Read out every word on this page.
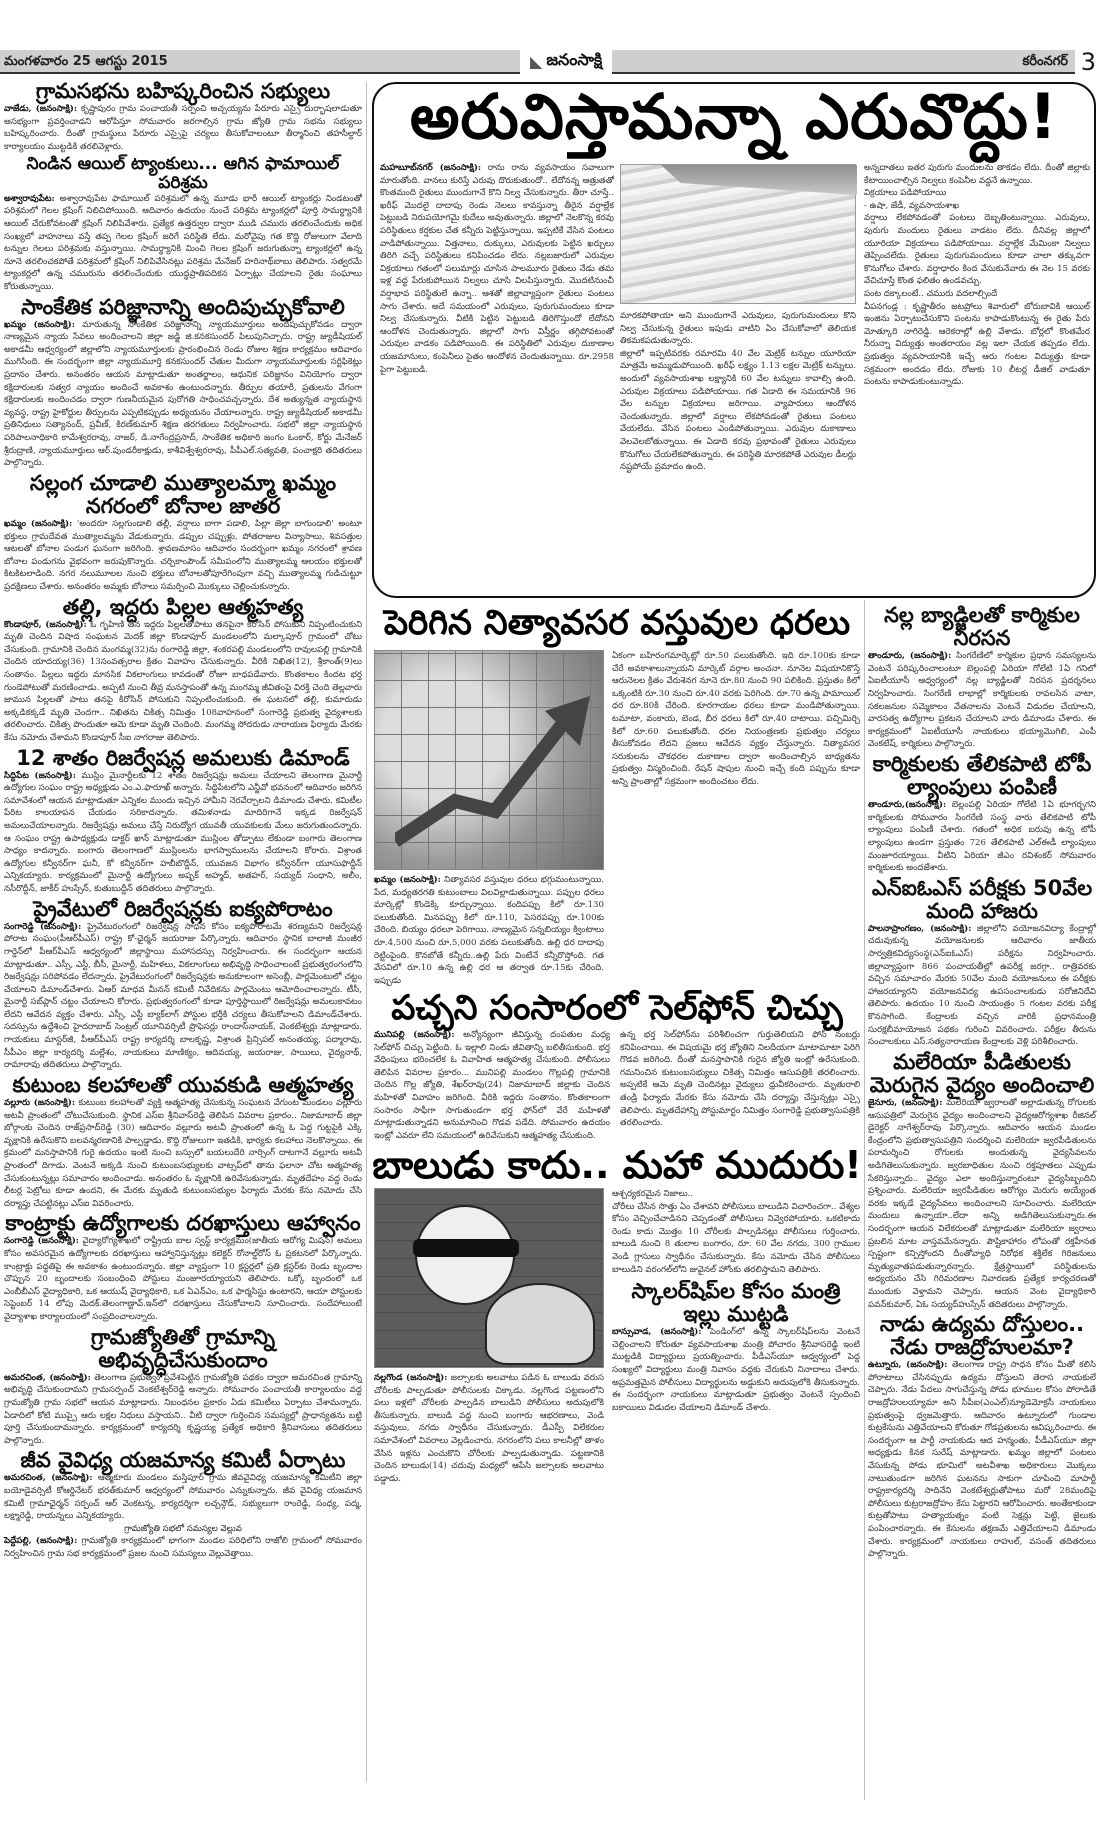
మంగళవారం 25 ఆగస్టు 2015	◣ జనంసాక్షి	కరీంనగర్ 3
గ్రామసభను బహిష్కరించిన సభ్యులు

వాజేడు, (జనంసాక్షి): కృష్ణాపురం గ్రామ పంచాయతీ సర్పంచి అచ్చయ్యను పేరూరు ఎస్సై దుర్భాషలాడుతూ అసభ్యంగా ప్రవర్తించాడని ఆరోపిస్తూ సోమవారం జరగాల్సిన గ్రామ జ్యోతి గ్రామ సభను సభ్యులు బహిష్కరించారు. దీంతో గ్రామస్థులు పేరూరు ఎస్సైపై చర్యలు తీసుకోవాలంటూ తీర్మానించి తహసీల్దార్ కార్యాలయం ముట్టడికి తరలివెళ్లారు.

నిండిన ఆయిల్ ట్యాంకులు... ఆగిన ఫామాయిల్ పరిశ్రమ

అశ్వారావుపేట: అశ్వారావుపేట ఫామాయిల్ పరిశ్రమలో ఉన్న మూడు భారీ ఆయిల్ ట్యాంకర్లు నిండటంతో పరిశ్రమలో గెలల క్రషింగ్ నిలిచిపోయింది. ఆదివారం ఉదయం నుంచే పరిశ్రమ ట్యాంకర్లలో పూర్తి సామర్థ్యానికి ఆయిల్ చేరుకోవటంతో క్రషింగ్ నిలిపివేశారు. ప్రత్యేక ఉత్తర్వుల ద్వారా ముడి చమురు తరలించేందుకు అధిక సంఖ్యలో వాహనాలు వస్తే తప్ప గెలల క్రషింగ్ జరిగే పరిస్థితి లేదు. మరోవైపు గత కొద్ది రోజులుగా వేలాది టన్నుల గెలలు పరిశ్రమకు వస్తున్నాయి. సామర్థ్యానికి మించి గెలల క్రషింగ్ జరుగుతున్నా ట్యాంకర్లలో ఉన్న నూనె తరలించకపోతే పరిశ్రమలో క్రషింగ్ నిలిపివేసినట్లు పరిశ్రమ మేనేజర్ హరినాథ్‌బాబు తెలిపారు. సత్వరమే ట్యాంకర్లలో ఉన్న చమురును తరలించేందుకు యుద్ధప్రాతిపదికన ఏర్పాట్లు చేయాలని రైతు సంఘాలు కోరుతున్నాయి.

సాంకేతిక పరిజ్ఞానాన్ని అందిపుచ్చుకోవాలి

ఖమ్మం (జనంసాక్షి): మారుతున్న సాంకేతిక పరిజ్ఞానాన్ని న్యాయమూర్తులు అందిపుచ్చుకోవడం ద్వారా నాణ్యమైన న్యాయ సేవలు అందించాలని జిల్లా జడ్జి జి.కనకసుందర్ పిలుపునిచ్చారు. రాష్ట్ర జ్యుడీషియల్ అకాడమీ ఆధ్వర్యంలో జిల్లాలోని న్యాయమూర్తులకు ప్రారంభించిన రెండు రోజుల శిక్షణ కార్యక్రమం ఆదివారం ముగిసింది. ఈ సందర్భంగా జిల్లా న్యాయమూర్తి కనకసుందర్ చేతుల మీదుగా న్యాయమూర్తులకు సర్టిఫికెట్లు ప్రదానం చేశారు. అనంతరం ఆయన మాట్లాడుతూ అంతర్జాలం, ఆధునిక పరిజ్ఞానం వినియోగం ద్వారా కక్షిదారులకు సత్వర న్యాయం అందించే అవకాశం ఉంటుందన్నారు. తీర్పుల తయారీ, ప్రతులను వేగంగా కక్షిదారులకు అందించడం ద్వారా గుణనీయమైన పురోగతి సాధించవచ్చన్నారు. దేశ అత్యున్నత న్యాయస్థాన వ్యవస్థ, రాష్ట్ర హైకోర్టుల తీర్పులను ఎప్పటికప్పుడు అధ్యయనం చేయాలన్నారు. రాష్ట్ర జ్యుడీషియల్ అకాడమీ ప్రతినిధులు సత్యానంద్, ప్రవీణ్, కిరణ్‌కుమార్ శిక్షణ తరగతులు నిర్వహించారు. సభలో జిల్లా న్యాయస్థాన పరిపాలనాధికారి కామేశ్వరరావు, నాజర్, డి.నాగేంద్రప్రసాద్, సాంకేతిక అధికారి జంగం ఓంకార్, కోర్టు మేనేజర్ శ్రీరుద్రాణి, న్యాయమూర్తులు ఆర్.పుండరీకాక్షుడు, కాశీవిశ్వేశ్వరరావు, పీపీఎల్.సత్యవతి, పంచాక్షరి తదితరులు పాల్గొన్నారు.

సల్లంగ చూడాలి ముత్యాలమ్మా ఖమ్మం నగరంలో బోనాల జాతర

ఖమ్మం (జనంసాక్షి): 'అందరూ సల్లగుండాలి తల్లీ, వర్షాలు బాగా పడాలి, పిల్లా జెల్లా బాగుండాలి' అంటూ భక్తులు గ్రామదేవత ముత్యాలమ్మను వేడుకున్నారు. డప్పుల చప్పుళ్లు, పోతరాజుల విన్యాసాలు, శివసత్తుల ఆటలతో బోనాల పండుగ ఘనంగా జరిగింది. శ్రావణమాసం ఆదివారం సందర్భంగా ఖమ్మం నగరంలో శ్రావణ బోనాల పండుగను వైభవంగా జరుపుకొన్నారు. చర్చికాంపౌండ్ సమీపంలోని ముత్యాలమ్మ ఆలయం భక్తులతో కిటకిటలాడింది. నగర నలుమూలల నుంచి భక్తులు బోనాలతోపూరేగింపుగా వచ్చి ముత్యాలమ్మ గుడిచుట్టూ ప్రదక్షిణలు చేశారు. అనంతరం అమ్మకు బోనాలు సమర్పించి మొక్కులు చెల్లించుకున్నారు.

తల్లి, ఇద్దరు పిల్లల ఆత్మహత్య

కొండాపూర్, (జనంసాక్షి): ఓ గృహిణి తన ఇద్దరు పిల్లలతోపాటు తనపైనా కిరోసిన్ పోసుకుని నిప్పంటించుకుని మృతి చెందిన విషాద సంఘటన మెదక్ జిల్లా కొండాపూర్ మండలంలోని మల్కాపూర్ గ్రామంలో చోటు చేసుకుంది. గ్రామానికి చెందిన మంగమ్మ(32)ను రంగారెడ్డి జిల్లా, శంకరపల్లి మండలంలోని రావులపల్లి గ్రామానికి చెందిన యాదయ్య(36) 13సంవత్సరాల క్రితం వివాహం చేసుకున్నారు. వీరికి నిఖిత(12), శ్రీకాంత్(9)లు సంతానం. పిల్లలు ఇద్దరు మానసిక వికలాంగులు కావడంతో రోజూ బాధపడేవారు. కొంతకాలం కిందట భర్త గుండెపోటుతో మరణించాడు. అప్పటి నుంచి తీవ్ర మనస్తాపంతో ఉన్న మంగమ్మ జీవితంపై విరక్తి చెంది తెల్లవారు జామున పిల్లలతో పాటు తనపై కిరోసిన్ పోసుకుని నిప్పంటించుకుంది. ఈ ఘటనలో తల్లి, కుమారుడు అక్కడికక్కడే మృతి చెందగా.. నిఖితను చికిత్స నిమిత్తం 108వాహనంలో సంగారెడ్డి ప్రభుత్వ వైద్యశాలకు తరలించారు. చికిత్స పొందుతూ ఆమె కూడా మృతి చెందింది. మంగమ్మ సోదరుడు నారాయణ ఫిర్యాదు మేరకు కేసు నమోదు చేశామని కొండాపూర్ సీఐ నాగరాజు తెలిపారు.

12 శాతం రిజర్వేషన్ల అమలుకు డిమాండ్

సిద్దిపేట (జనంసాక్షి): ముస్లిం మైనార్టీలకు 12 శాతం రిజర్వేషన్లు అమలు చేయాలని తెలంగాణ మైనార్టీ ఉద్యోగుల సంఘం రాష్ట్ర అధ్యక్షుడు ఎం.ఎ.ఫారూఖ్ అన్నారు. సిద్దిపేటలోని ఎన్జీవో భవనంలో ఆదివారం జరిగిన సమావేశంలో ఆయన మాట్లాడుతూ ఎన్నికల ముందు ఇచ్చిన హామీని నెరవేర్చాలని డిమాండు చేశారు. కమిటీల పేరిట కాలయాపన చేయడం సరికాదన్నారు. తమిళనాడు మాదిరిగానే ఇక్కడ రిజర్వేషన్ అమలుచేయాలన్నారు. రిజర్వేషన్లు అమలు చేస్తే నిరుద్యోగ యువతీ యువకులకు మేలు జరుగుతుందన్నారు. ఆ సంఘం రాష్ట్ర ఉపాధ్యక్షుడు డాక్టర్ ఖాన్ మాట్లాడుతూ ముస్లింల తోడ్పాటు లేకుండా బంగారు తెలంగాణ సాధ్యం కాదన్నారు. బంగారు తెలంగాణలో ముస్లింలను భాగస్వాములను చేయాలని కోరారు. విశ్రాంత ఉద్యోగుల కన్వీనర్‌గా ఘనీ, కో కన్వీనర్‌గా హబీబొద్దీన్, యువజన విభాగం కన్వీనర్‌గా యూసుఫొద్దీన్ ఎన్నికయ్యారు. కార్యక్రమంలో మైనార్టీ ఉద్యోగులు అష్ఫక్ అహ్మద్, అతహర్, సయ్యద్ సంధాని, అలీం, నసీరొద్దీన్, జాకీర్ హుస్సేన్, కుతుబుద్దీన్ తదితరులు పాల్గొన్నారు.

ప్రైవేటులో రిజర్వేషన్లకు ఐక్యపోరాటం

సంగారెడ్డి (జనంసాక్షి): ప్రైవేటురంగంలో రిజర్వేషన్ల సాధన కోసం ఐక్యపోరాటమే శరణ్యమని రిజర్వేషన్ల పోరాట సంఘం(పీఆర్‌పీఎస్) రాష్ట్ర కో-ఛైర్మన్ జయరాజు పేర్కొన్నారు. ఆదివారం స్థానిక బాలాజీ మంజీర గార్డెన్‌లో పీఆర్‌పీఎస్ ఆధ్వర్యంలో జిల్లాస్థాయి మహాసదస్సు నిర్వహించారు. ఈ సందర్భంగా ఆయన మాట్లాడుతూ.. ఎస్సీ, ఎస్టీ, బీసీ, మైనార్టీ, మహిళలు, వికలాంగులు అభివృద్ధి సాధించాలంటే ప్రభుత్వరంగంలోని రిజర్వేషన్లు సరిపోవడం లేదన్నారు. ప్రైవేటురంగంలో రిజర్వేషన్లకు అనుకూలంగా అసెంబ్లీ, పార్లమెంటులో చట్టం చేయాలని డిమాండ్‌చేశారు. ఏఆర్ మాధవ మీనన్ కమిటీ నివేదికను పార్లమెంటు ఆమోదించాలన్నారు. టీసీ, మైనార్టీ సబ్‌ప్లాన్ చట్టం చేయాలని కోరారు. ప్రభుత్వరంగంలో కూడా పూర్తిస్థాయిలో రిజర్వేషన్లు అమలుకావటం లేదని ఆవేదన వ్యక్తం చేశారు. ఎస్సీ, ఎస్టీ బ్యాక్‌లాగ్ పోస్టుల భర్తీకి చర్యలు తీసుకోవాలని డిమాండ్‌చేశారు. సదస్సును ఉద్దేశించి హైదరాబాద్ సెంట్రల్ యూనివర్సిటీ ప్రొఫెసర్లు రాందాస్‌నాయక్, వెంకటేశ్వర్లు మాట్లాడారు. గాయకులు మాస్టర్‌జీ, పీఆర్‌పీఎస్ రాష్ట్ర కార్యదర్శి బాలకృష్ణ, విశ్రాంత ప్రిన్సిపల్ అనంతయ్య, పద్మారావు, సీపీఎం జిల్లా కార్యదర్శి మల్లేశం, నాయకులు మాణిక్యం, ఆదివయ్య, జయరాజు, సాయిలు, వైద్యనాథ్, రామారావు తదితరులు పాల్గొన్నారు.

కుటుంబ కలహాలతో యువకుడి ఆత్మహత్య

వల్లూరు (జనంసాక్షి): కుటుంబ కలహాలతో వ్యక్తి ఆత్మహత్య చేసుకున్న సంఘటన వేగుంట మండలం వల్లూరు అటవీ ప్రాంతంలో చోటుచేసుకుంది. స్థానిక ఎస్‌ఐ శ్రీనివాస్‌రెడ్డి తెలిపిన వివరాల ప్రకారం.. నిజామాబాద్ జిల్లా బోర్గాంకు చెందిన రాజ్‌ప్రసాద్‌రెడ్డి (30) ఆదివారం వల్లూరు అటవీ ప్రాంతంలో ఉన్న ఓ పెద్ద గుట్టపైకి ఎక్కి వృక్షానికి ఉరేసుకొని బలవన్మరణానికి పాల్పడ్డాడు. కొద్ది రోజులుగా ఇతడికి, భార్యకు కలహాలు నెలకొన్నాయి. ఈ క్రమంలో మనస్తాపానికి గురై ఉదయం ఇంటి నుంచి బస్సులో బయలుదేరి నార్సింగ్ దాటగానే వల్లూరు అటవీ ప్రాంతంలో దిగాడు. వెంటనే అక్కడి నుంచి కుటుంబసభ్యులకు వాట్సప్‌లో తాను ఫలానా చోట ఆత్మహత్య చేసుకుంటున్నట్లు సమాచారం అందించాడు. అనంతరం ఓ వృక్షానికి ఉరివేసుకున్నాడు. మృతదేహం వద్ద రెండు లీటర్ల పెట్రోలు కూడా ఉందని, ఈ మేరకు మృతుడి కుటుంబసభ్యుల ఫిర్యాదు మేరకు కేసు నమోదు చేసి దర్యాప్తు చేపట్టినట్లు ఎస్‌ఐ వివరించారు.

కాంట్రాక్టు ఉద్యోగాలకు దరఖాస్తులు ఆహ్వానం

సంగారెడ్డి (జనంసాక్షి): వైద్యారోగ్యశాఖలో రాష్ట్రీయ బాల స్వస్థ్ కార్యక్రమం(జాతీయ ఆరోగ్య మిషన్) అమలు కోసం అవసరమైన ఉద్యోగాలకు దరఖాస్తులు ఆహ్వానిస్తున్నట్లు కలెక్టర్ రోనాల్డ్‌రోస్ ఓ ప్రకటనలో పేర్కొన్నారు. కాంట్రాక్టు పద్ధతిపై ఈ అవకాశం ఉంటుందన్నారు. జిల్లా వ్యాప్తంగా 10 క్లస్టర్లలో ప్రతి క్లస్టర్‌కు రెండు బృందాల చొప్పున 20 బృందాలకు సంబంధించి పోస్టులు మంజూరయ్యాయని తెలిపారు. ఒక్కో బృందంలో ఒక ఎంబీబీఎస్ వైద్యాధికారి, ఒక ఆయుష్ వైద్యాధికారి, ఒక ఏఎన్‌ఎం, ఒక ఫార్మసిస్టు ఉంటారని, ఆయా పోస్టులకు సెప్టెంబర్ 14 లోపు మెదక్.తెలంగాణ్టావ్.ఇన్‌లో దరఖాస్తులు చేసుకోవాలని సూచించారు. సందేహాలుంటే వైద్యాశాఖ కార్యాలయంలో సంప్రదించాలన్నారు.

గ్రామజ్యోతితో గ్రామాన్ని అభివృద్ధిచేసుకుందాం

అమరచింత, (జనంసాక్షి): తెలంగాణ ప్రభుత్వం ప్రవేశపెట్టిన గ్రామజ్యోతి పథకం ద్వారా అమరచింత గ్రామాన్ని అభివృద్ధి చేసుకుందామని గ్రామసర్పంచ్ వెంకటేశ్వర్‌రెడ్డి అన్నారు. సోమవారం పంచాయతీ కార్యాలయం వద్ద గ్రామజ్యోతి గ్రామ సభలో ఆయన మాట్లాడారు. నిబంధనల ప్రకారం ఏడు కమిటీలు ఏర్పాటు చేశామన్నారు. ఏడాదిలో కోటి ముప్పై ఆరు లక్షల నిధులు వస్తాయని.. వీటి ద్వారా గుర్తించిన సమస్యల్లో ప్రాధాన్యతను బట్టి పూర్తి చేసుకుందామన్నారు. కార్యక్రమంలో కార్యదర్శి కృష్ణయ్య ప్రత్యేక అధికారి శ్రీనివాసులు తదితరులు పాల్గొన్నారు.

జీవ వైవిధ్య యజమాన్య కమిటీ ఏర్పాటు

అమరచింత, (జనంసాక్షి): ఆత్మకూరు మండలం మస్తిపూర్ గ్రామ జీవవైవిధ్య యజమాన్య కమిటీని జిల్లా బయోడైవర్సిటీ కోఆర్డినేటర్ భరత్‌కుమార్ ఆధ్వర్యంలో సోమవారం ఎన్నుకున్నారు. జీవ వైవిధ్య యజమాన కమిటీ గ్రామాఛైర్మన్ సర్పంచ్ ఆర్ వెంకటన్న, కార్యదర్శిగా లచ్చన్గౌడ్, సభ్యులుగా రాంరెడ్డి, సంధ్య, పద్మ, లక్ష్మారెడ్డి, రాయన్నలు ఎన్నికయ్యారు.

గ్రామజ్యోతి సభలో సమస్యల వెల్లువ

పెద్దేపల్లి, (జనంసాక్షి): గ్రామజ్యోతి కార్యక్రమంలో భాగంగా మండల పరిధిలోని రాజోలి గ్రామంలో సోమవారం నిర్వహించిన గ్రామ సభ కార్యక్రమంలో ప్రజల నుంచి సమస్యలు వెల్లువెత్తాయి.

అరువిస్తామన్నా ఎరువొద్దు!

మహబూబ్‌నగర్ (జనంసాక్షి): రాను రాను వ్యవసాయం సవాలుగా మారుతోంది. వానలు కురిస్తే ఎరువు దొరుకుతుందో.. లేదోనన్న ఆత్రుతతో కొంతమంది రైతులు ముందుగానే కొని నిల్వ చేసుకున్నారు. తీరా చూస్తే.. ఖరీఫ్ మొదలై దాదాపు రెండు నెలలు కావస్తున్నా తీరైన వర్షాల్లేక పెట్టుబడి నిరుపయోగమై కుదేలు అవుతున్నారు. జిల్లాలో నెలకొన్న కరవు పరిస్థితులు కర్షకుల చేత కన్నీరు పెట్టిస్తున్నాయి. ఇప్పటికే వేసిన పంటలు వాడిపోతున్నాయి. విత్తనాలు, దుక్కులు, ఎరువులకు పెట్టిన ఖర్చులు తిరిగి వచ్చే పరిస్థితులు కనిపించడం లేదు. నల్లబజారులో ఎరువుల విక్రయాలు గతంలో పలుమార్లు చూసిన పాలమూరు రైతులు నేడు తమ ఇళ్ల వద్ద పేరుకుపోయిన నిల్వలు చూసి విలపిస్తున్నారు. మొదటినుంచీ వర్షాభావ పరిస్థితులే ఉన్నా.. ఆశతో జిల్లావ్యాప్తంగా రైతులు పంటలు సాగు చేశారు. అదే సమయంలో ఎరువులు, పురుగుమందులు కూడా నిల్వ చేసుకున్నారు. వీటికి పెట్టిన పెట్టుబడి తిరిగొస్తుందో లేదోనని ఆందోళన చెందుతున్నారు. జిల్లాలో సాగు విస్తీర్ణం తగ్గిపోవటంతో ఎరువుల వాడకం పడిపోయింది. ఈ పరిస్థితిలో ఎరువుల దుకాణాల యజమానులు, కంపెనీలు సైతం ఆందోళన చెందుతున్నాయి. రూ.2958 పైగా పెట్టుబడి.

మారకపోతాయా అని ముందుగానే ఎరువులు, పురుగుమందులు కొని నిల్వ చేసుకున్న రైతులు ఇపుడు వాటిని ఏం చేసుకోవాలో తెలియక తికమకపడుతున్నారు.

జిల్లాలో ఇప్పటివరకు రమారమి 40 వేల మెట్రిక్ టన్నుల యూరియా మాత్రమే అమ్ముడుపోయింది. ఖరీఫ్ లక్ష్యం 1.13 లక్షల మెట్రిక్ టన్నులు. అందులో వ్యవసాయశాఖ లక్ష్యానికి 60 వేల టన్నులు కావాల్సి ఉంది. ఎరువుల విక్రయాలు పడిపోయాయి. గత ఏడాది ఈ సమయానికి 96 వేల టన్నుల విక్రయాలు జరిగాయి. వ్యాపారులు ఆందోళన చెందుతున్నారు. జిల్లాలో వర్షాలు లేకపోవడంతో రైతులు పంటలు వేయలేదు. వేసిన పంటలు ఎండిపోతున్నాయి. ఎరువుల దుకాణాలు వెలవెలబోతున్నాయి. ఈ ఏడాది కరవు ప్రభావంతో రైతులు ఎరువులు కొనుగోలు చేయలేకపోతున్నారు. ఈ పరిస్థితి మారకపోతే ఎరువుల డీలర్లు నష్టపోయే ప్రమాదం ఉంది.

అన్నదాతలు ఇతర పురుగు మందులను తాకడం లేదు. దీంతో జిల్లాకు కేటాయించాల్సిన నిల్వలు కంపెనీల వద్దనే ఉన్నాయి.

విక్రయాలు పడిపోయాయి

- ఉషా, జేడీ, వ్యవసాయశాఖ

వర్షాలు లేకపోవడంతో పంటలు దెబ్బతింటున్నాయి. ఎరువులు, పురుగు మందులు రైతులు వాడటం లేదు. దీనివల్ల జిల్లాలో యూరియా విక్రయాలు పడిపోయాయి. వర్షాల్లేక మేమింకా నిల్వలు తెప్పించలేదు. రైతులు పురుగుమందులు కూడా చాలా తక్కువగా కొనుగోలు చేశారు. వర్షాధారం కింద వేసుకునేవారు ఈ నెల 15 వరకు వేచిచూస్తే కొంత ఫలితం ఉండవచ్చు.

పంట దక్కాలంటే.. చమురు వదలాల్సిందే

వీపనగండ్ల : కృష్ణాతీరం జటప్రోలు శివారులో బోరుబావికి ఆయిల్ ఇంజిను ఏర్పాటుచేసుకొని పంటను కాపాడుకొంటున్న ఈ రైతు పేరు మోత్కూరి నాగిరెడ్డి. ఆరెకరాల్లో ఉల్లి వేశాడు. బోర్లలో కొంతమేర నీరున్నా విద్యుత్తు అంతరాయం వల్ల ఇలా చేయక తప్పడం లేదు. ప్రభుత్వం వ్యవసాయానికి ఇచ్చే ఆరు గంటల విద్యుత్తు కూడా సక్రమంగా అందడం లేదు. రోజుకు 10 లీటర్ల డీజిల్ వాడుతూ పంటను కాపాడుకుంటున్నాడు.

పెరిగిన నిత్యావసర వస్తువుల ధరలు

ఖమ్మం (జనంసాక్షి): నిత్యావసర వస్తువుల ధరలు భగ్గుమంటున్నాయి. పేద, మధ్యతరగతి కుటుంబాలు విలవిల్లాడుతున్నాయి. పప్పుల ధరలు మార్కెట్లో కొండెక్కి కూర్చున్నాయి. కందిపప్పు కిలో రూ.130 పలుకుతోంది. మినపప్పు కిలో రూ.110, పెసరపప్పు రూ.100కు చేరింది. బియ్యం ధరలూ పెరిగాయి. నాణ్యమైన సన్నబియ్యం క్వింటాలు రూ.4,500 నుంచి రూ.5,000 వరకు పలుకుతోంది. ఉల్లి ధర దాదాపు రెట్టింపైంది. కొనబోతే కన్నీరు..ఉల్లి పేరు వింటేనే కన్నీరొస్తోంది. గత వేసవిలో రూ.10 ఉన్న ఉల్లి ధర ఆ తర్వాత రూ.15కు చేరింది. ఇప్పుడు

ఏకంగా బహిరంగమార్కెట్లో రూ.50 పలుకుతోంది. ఇది రూ.100కు కూడా చేరే అవకాశాలున్నాయని మార్కెట్ వర్గాల అంచనా. నూనెల విషయానికొస్తే ఆరునెలల క్రితం వేరుశెనగ నూనె రూ.80 నుంచి 90 పలికింది. ప్రస్తుతం కిలో ఒక్కంటికి రూ.30 నుంచి రూ.40 వరకు పెరిగింది. రూ.70 ఉన్న పామాయిల్ ధర రూ.80కి చేరింది. కూరగాయల ధరలు కూడా మండిపోతున్నాయి. టమాటా, వంకాయ, బెండ, బీర ధరలు కిలో రూ.40 దాటాయి. పచ్చిమిర్చి కిలో రూ.60 పలుకుతోంది. ధరల నియంత్రణకు ప్రభుత్వం చర్యలు తీసుకోవడం లేదని ప్రజలు ఆవేదన వ్యక్తం చేస్తున్నారు. నిత్యావసర సరుకులను చౌకధరల దుకాణాల ద్వారా అందించాల్సిన బాధ్యతను ప్రభుత్వం విస్మరించింది. రేషన్ షాపుల నుంచి ఇచ్చే కంది పప్పును కూడా అన్ని ప్రాంతాల్లో సక్రమంగా అందించటం లేదు.

పచ్చని సంసారంలో సెల్‌ఫోన్ చిచ్చు

మునిపల్లి (జనంసాక్షి): అన్యోన్యంగా జీవిస్తున్న దంపతుల మధ్య సెల్‌ఫోన్ చిచ్చు పెట్టింది. ఓ ఇల్లాలి నిండు జీవితాన్ని బలితీసుకుంది. భర్త వేధింపులు భరించలేక ఓ వివాహిత ఆత్మహత్య చేసుకుంది. పోలీసులు తెలిపిన వివరాల ప్రకారం... మునిపల్లి మండలం గొల్లపల్లి గ్రామానికి చెందిన గొల్ల జ్యోతి, శేఖర్‌రావు(24) నిజామాబాద్ జిల్లాకు చెందిన మహిళతో వివాహం జరిగింది. వీరికి ఇద్దరు సంతానం. కొంతకాలంగా సంసారం సాఫీగా సాగుతుండగా భర్త ఫోన్‌లో వేరే మహిళతో మాట్లాడుతున్నాడని అనుమానించి గొడవ పడేది. సోమవారం ఉదయం ఇంట్లో ఎవరూ లేని సమయంలో ఉరివేసుకుని ఆత్మహత్య చేసుకుంది.

ఉన్న భర్త సెల్‌ఫోన్‌ను పరిశీలించగా గుర్తుతెలియని ఫోన్ నంబర్లు కనిపించాయి. ఈ విషయమై భర్త జ్యోతిని నిలదీయగా మాటామాటా పెరిగి గొడవ జరిగింది. దీంతో మనస్తాపానికి గురైన జ్యోతి ఇంట్లో ఉరేసుకుంది. గమనించిన కుటుంబసభ్యులు చికిత్స నిమిత్తం ఆసుపత్రికి తరలించారు. అప్పటికే ఆమె మృతి చెందినట్లు వైద్యులు ధ్రువీకరించారు. మృతురాలి తండ్రి ఫిర్యాదు మేరకు కేసు నమోదు చేసి దర్యాప్తు చేస్తున్నట్లు ఎస్సై తెలిపారు. మృతదేహాన్ని పోస్టుమార్టం నిమిత్తం సంగారెడ్డి ప్రభుత్వాసుపత్రికి తరలించారు.

బాలుడు కాదు.. మహా ముదురు!

నల్లగొండ (జనంసాక్షి): జల్సాలకు అలవాటు పడిన ఓ బాలుడు వరుస చోరీలకు పాల్పడుతూ పోలీసులకు చిక్కాడు. నల్లగొండ పట్టణంలోని పలు ఇళ్లలో చోరీలకు పాల్పడిన బాలుడిని పోలీసులు అదుపులోకి తీసుకున్నారు. బాలుడి వద్ద నుంచి బంగారు ఆభరణాలు, వెండి వస్తువులు, నగదు స్వాధీనం చేసుకున్నారు. డీఎస్పీ విలేకరుల సమావేశంలో వివరాలు వెల్లడించారు. నగరంలోని పలు కాలనీల్లో తాళం వేసిన ఇళ్లను ఎంచుకొని చోరీలకు పాల్పడుతున్నాడు. పట్టణానికి చెందిన బాలుడు(14) చదువు మధ్యలో ఆపేసి జల్సాలకు అలవాటు పడ్డాడు.

ఆశ్చర్యకరమైన నిజాలు..

చోరీలు చేసిన సొత్తు ఏం చేశావని పోలీసులు బాలుడిని విచారించగా.. వేశ్యల కోసం వెచ్చించేవాడినని చెప్పడంతో పోలీసులు నివ్వెరపోయారు. ఒకటికాదు రెండు కాదు మొత్తం 10 చోరీలకు పాల్పడినట్లు పోలీసులు గుర్తించారు. బాలుడి నుంచి 8 తులాల బంగారం, రూ. 60 వేల నగదు, 300 గ్రాముల వెండి గ్లాసులు స్వాధీనం చేసుకున్నారు. కేసు నమోదు చేసిన పోలీసులు బాలుడిని వరంగల్‌లోని జువైనల్ హోంకు తరలిస్తామని తెలిపారు.

స్కాలర్‌షిప్‌ల కోసం మంత్రి ఇల్లు ముట్టడి

బాన్సువాడ, (జనంసాక్షి): పెండింగ్‌లో ఉన్న స్కాలర్‌షిప్‌లను వెంటనే చెల్లించాలని కోరుతూ వ్యవసాయశాఖ మంత్రి పోచారం శ్రీనివాసరెడ్డి ఇంటి ముట్టడికి విద్యార్థులు ప్రయత్నించారు. పీడీఎస్‌యూ ఆధ్వర్యంలో పెద్ద సంఖ్యలో విద్యార్థులు మంత్రి నివాసం వద్దకు చేరుకుని నినాదాలు చేశారు. అప్రమత్తమైన పోలీసులు విద్యార్థులను అడ్డుకుని అదుపులోకి తీసుకున్నారు. ఈ సందర్భంగా నాయకులు మాట్లాడుతూ ప్రభుత్వం వెంటనే స్పందించి బకాయిలు విడుదల చేయాలని డిమాండ్ చేశారు.

నల్ల బ్యాడ్జిలతో కార్మికుల నిరసన

తాండూరు, (జనంసాక్షి): సింగరేణిలో కార్మికుల ప్రధాన సమస్యలను వెంటనే పరిష్కరించాలంటూ బెల్లంపల్లి ఏరియా గోలేటి 1ఏ గనిలో ఏఐటీయూసీ ఆధ్వర్యంలో నల్ల బ్యాడ్జిలతో నిరసన ప్రదర్శనలు నిర్వహించారు. సింగరేణి లాభాల్లో కార్మికులకు రావలసిన వాటా, సకలజనుల సమ్మెకాలం వేతనాలను వెంటనే విడుదల చేయాలని, వారసత్వ ఉద్యోగాల ప్రకటన చేయాలని వారు డిమాండు చేశారు. ఈ కార్యక్రమంలో ఏఐటీయూసీ నాయకులు భయ్యామొగిలి, ఎంపీ వెంకటేష్, కార్మికులు పాల్గొన్నారు.

కార్మికులకు తేలికపాటి టోపీ ల్యాంపులు పంపిణీ

తాండూరు,(జనంసాక్షి): బెల్లంపల్లి ఏరియా గోలేటి 1ఏ భూగర్భగని కార్మికులకు సోమవారం సింగరేణి సంస్థ వారు తేలికపాటి టోపీ ల్యాంపులు పంపిణీ చేశారు. గతంలో అధిక బరువు ఉన్న టోపీ ల్యాంపులు ఉండగా ప్రస్తుతం 726 తేలికపాటి ఎల్ఈడీ ల్యాంపులు మంజూరయ్యాయి. వీటిని ఏరియా జీఎం రవిశంకర్ సోమవారం కార్మికులకు అందజేశారు.

ఎన్ఐఓఎస్ పరీక్షకు 50వేల మంది హాజరు

పాలనాప్రాంగణం, (జనంసాక్షి): జిల్లాలోని వయోజనవిద్యా కేంద్రాల్లో చదువుకున్న వయోజనులకు ఆదివారం జాతీయ సార్వత్రికవిద్యసంస్థ(ఎన్ఐఓఎస్) పరీక్షను నిర్వహించారు. జిల్లావ్యాప్తంగా 866 పంచాయతీల్లో ఉపరీక్ష జరగ్గా.. రాత్రివరకు వచ్చిన సమాచారం మేరకు 50వేల మంది వయోజనులు ఈ పరీక్షకు హాజరయ్యారని వయోజనవిద్య ఉపసంచాలకుడు సరోజినిదేవి తెలిపారు. ఉదయం 10 నుంచి సాయంత్రం 5 గంటల వరకు పరీక్ష కొనసాగింది. కేంద్రాలకు వచ్చిన వారికి ప్రధానమంత్రి సురక్షబీమాయోజన పథకం గురించి వివరించారు. పరీక్షల తీరును సంచాలకులు ఎస్.సత్యనారాయణ కేంద్రాలకు వెళ్లి పరిశీలించారు.

మలేరియా పీడితులకు మెరుగైన వైద్యం అందించాలి

జైనూరు, (జనంసాక్షి): మలేరియా జ్వరాలతో అల్లాడుతున్న రోగులకు ఆసుపత్రిలో మెరుగైన వైద్యం అందించాలని వైద్యఆరోగ్యశాఖ రీజినల్ డైరెక్టర్ నాగేశ్వర్‌రావు పేర్కొన్నారు. ఆదివారం ఆయన మండల కేంద్రంలోని ప్రభుత్వాసుపత్రిని సందర్శించి మలేరియా జ్వరపీడితులను పరామర్శించి రోగులకు అందుతున్న వైద్యసేవలను అడిగితెలుసుకున్నారు. జ్వరబాధితుల నుంచి రక్తపూతలు ఎప్పుడు సేకరిస్తున్నారు.. వైద్యం ఎలా అందిస్తున్నారంటూ వైద్యసిబ్బందిని ప్రశ్నించారు. మలేరియా జ్వరపీడితుల ఆరోగ్యం మెరుగు అయ్యేంత వరకు ఇక్కడే వైద్యసేవలు అందించాలని సూచించారు. మలేరియా మందులు ఉన్నాయా..లేదా అన్ని అడిగితెలుసుకున్నారు.ఈ సందర్భంగా ఆయన విలేకరులతో మాట్లాడుతూ మలేరియా జ్వరాలు ప్రబలిన మాట వాస్తవమేనన్నారు. పౌష్టికాహారం లోపంతో రక్తహీనత స్పష్టంగా కన్పిస్తోందని దీంతోవ్యాధి నిరోధక శక్తిలేక గిరిజనులు మృత్యువాతపడుతున్నారన్నారు. క్షేత్రస్థాయిలో పరిస్థితులను అధ్యయనం చేసి గిరిమరణాల నివారణకు ప్రత్యేక కార్యచరణతో ముందుకు వెళ్తామని చెప్పారు. ఆయన వెంట వైద్యాధికారి పవన్‌కుమార్, ఏఓ సయ్యద్‌హుస్సేన్ తదితరులు పాల్గొన్నారు.

నాడు ఉద్యమ దోస్తులం.. నేడు రాజద్రోహులమా?

ఉట్నూరు, (జనంసాక్షి): తెలంగాణ రాష్ట్ర సాధన కోసం మీతో కలిసి పోరాటాలు చేసినప్పుడు ఉద్యమ దోస్తులని తెరాస నాయకులే చెప్పారు. నేడు పేదలు సాగుచేస్తున్న పోడు భూముల కోసం పోరాడితే రాజద్రోహులయ్యామా అని సీపీఐ(ఎంఎల్)న్యూడెమోక్రసీ నాయకులు ప్రభుత్వంపై ధ్వజమెత్తారు. ఆదివారం ఉట్నూరులో గుండాల కుట్రకేసును ఎత్తివేయాలని కోరుతూ గోడప్రతులను ఆవిష్కరించారు. ఈ సందర్భంగా ఆ పార్టీ నాయకుడు ఆద హన్మంతు, పీడీఎస్‌యూ జిల్లా అధ్యక్షుడు కినక సురేష్ మాట్లాడారు. ఖమ్మం జిల్లాలో పంటలు వేసుకున్న పోడు భూమిలో అటవీశాఖ అధికారులు మొక్కలు నాటుతుండగా జరిగిన ఘటనను సాకుగా చూపించి మాపార్టీ రాష్ట్రకార్యదర్శి సాదినేని వెంకటేశ్వర్లుతోపాటు మరో 28మందిపై పోలీసులు కుట్రరాజద్రోహం కేసు పెట్టారని ఆరోపించారు. అంతేకాకుండా కుట్రతోపాటు హత్యాయత్నం వంటి సెక్షన్లు పెట్టి, జైలుకు పంపించారన్నారు. ఈ కేసులను తక్షణమే ఎత్తివేయాలని డిమాండు చేశారు. కార్యక్రమంలో నాయకులు రాహుల్, వసంత్ తదితరులు పాల్గొన్నారు.
